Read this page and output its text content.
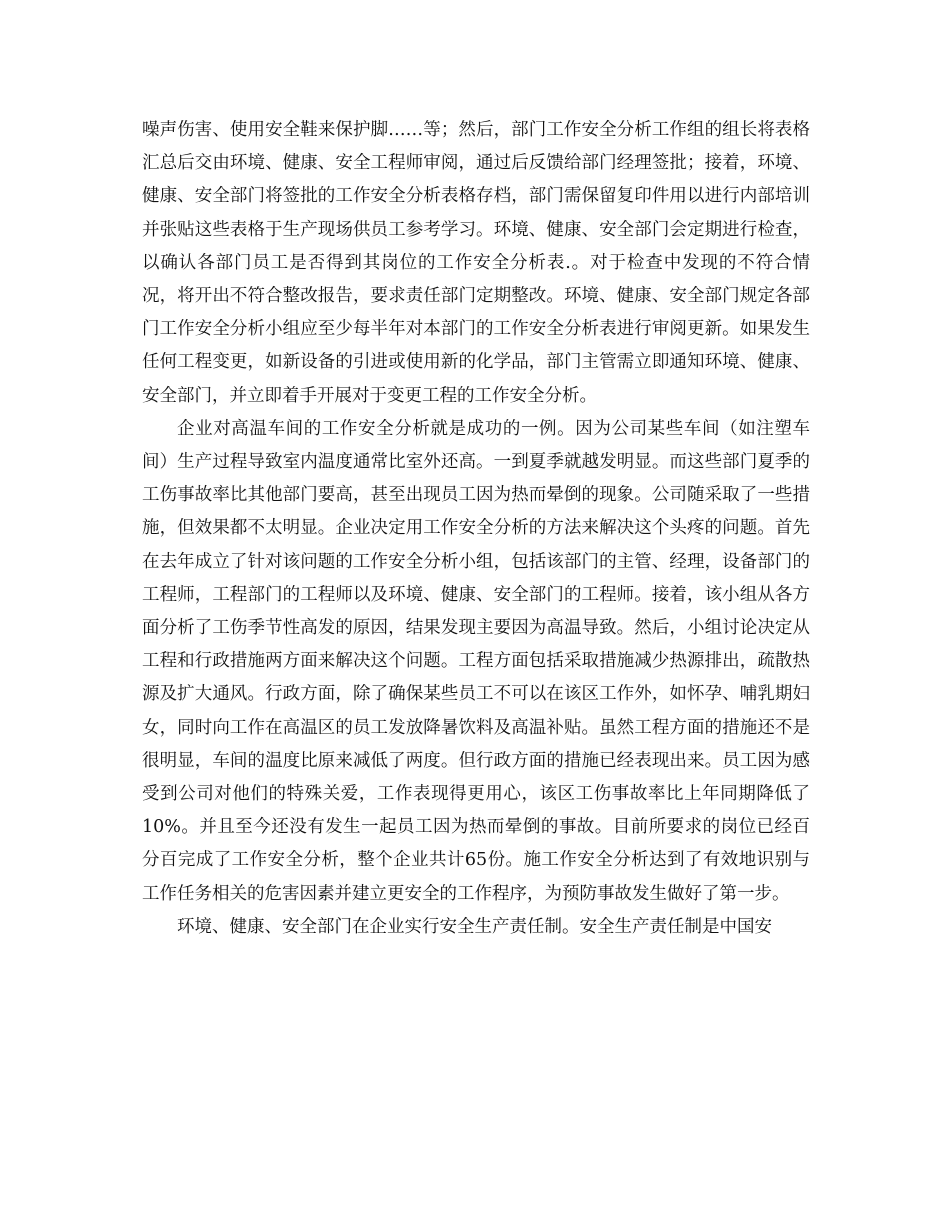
噪声伤害、使用安全鞋来保护脚……等；然后，部门工作安全分析工作组的组长将表格汇总后交由环境、健康、安全工程师审阅，通过后反馈给部门经理签批；接着，环境、健康、安全部门将签批的工作安全分析表格存档，部门需保留复印件用以进行内部培训并张贴这些表格于生产现场供员工参考学习。环境、健康、安全部门会定期进行检查，以确认各部门员工是否得到其岗位的工作安全分析表.。对于检查中发现的不符合情况，将开出不符合整改报告，要求责任部门定期整改。环境、健康、安全部门规定各部门工作安全分析小组应至少每半年对本部门的工作安全分析表进行审阅更新。如果发生任何工程变更，如新设备的引进或使用新的化学品，部门主管需立即通知环境、健康、安全部门，并立即着手开展对于变更工程的工作安全分析。

企业对高温车间的工作安全分析就是成功的一例。因为公司某些车间（如注塑车间）生产过程导致室内温度通常比室外还高。一到夏季就越发明显。而这些部门夏季的工伤事故率比其他部门要高，甚至出现员工因为热而晕倒的现象。公司随采取了一些措施，但效果都不太明显。企业决定用工作安全分析的方法来解决这个头疼的问题。首先在去年成立了针对该问题的工作安全分析小组，包括该部门的主管、经理，设备部门的工程师，工程部门的工程师以及环境、健康、安全部门的工程师。接着，该小组从各方面分析了工伤季节性高发的原因，结果发现主要因为高温导致。然后，小组讨论决定从工程和行政措施两方面来解决这个问题。工程方面包括采取措施减少热源排出，疏散热源及扩大通风。行政方面，除了确保某些员工不可以在该区工作外，如怀孕、哺乳期妇女，同时向工作在高温区的员工发放降暑饮料及高温补贴。虽然工程方面的措施还不是很明显，车间的温度比原来减低了两度。但行政方面的措施已经表现出来。员工因为感受到公司对他们的特殊关爱，工作表现得更用心，该区工伤事故率比上年同期降低了10%。并且至今还没有发生一起员工因为热而晕倒的事故。目前所要求的岗位已经百分百完成了工作安全分析，整个企业共计65份。施工作安全分析达到了有效地识别与工作任务相关的危害因素并建立更安全的工作程序，为预防事故发生做好了第一步。

环境、健康、安全部门在企业实行安全生产责任制。安全生产责任制是中国安
